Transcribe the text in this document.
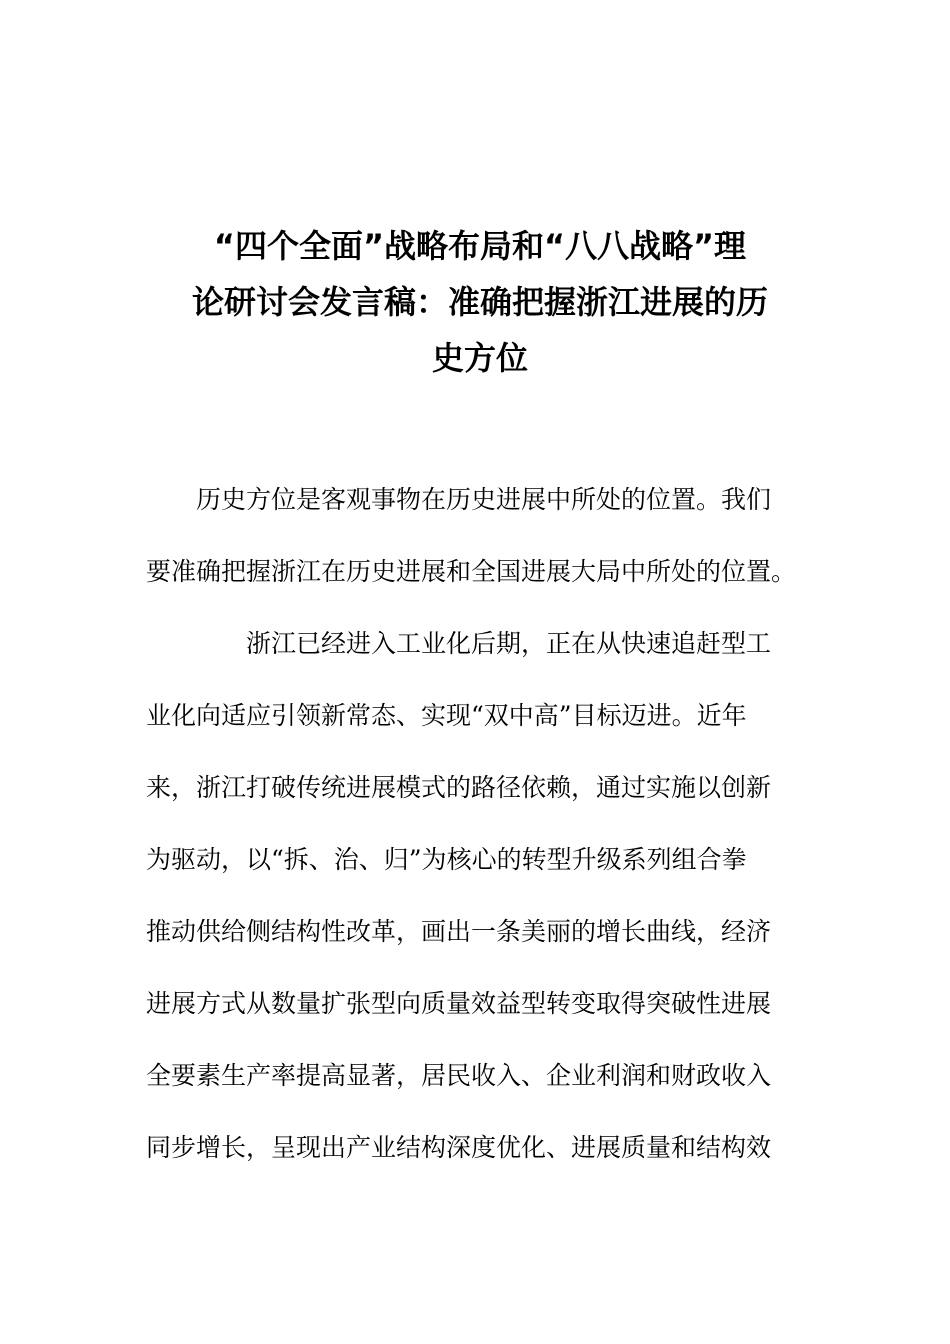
“四个全面”战略布局和“八八战略”理
论研讨会发言稿：准确把握浙江进展的历
史方位
历史方位是客观事物在历史进展中所处的位置。我们
要准确把握浙江在历史进展和全国进展大局中所处的位置。
浙江已经进入工业化后期，正在从快速追赶型工
业化向适应引领新常态、实现“双中高”目标迈进。近年
来，浙江打破传统进展模式的路径依赖，通过实施以创新
为驱动，以“拆、治、归”为核心的转型升级系列组合拳
推动供给侧结构性改革，画出一条美丽的增长曲线，经济
进展方式从数量扩张型向质量效益型转变取得突破性进展
全要素生产率提高显著，居民收入、企业利润和财政收入
同步增长，呈现出产业结构深度优化、进展质量和结构效
